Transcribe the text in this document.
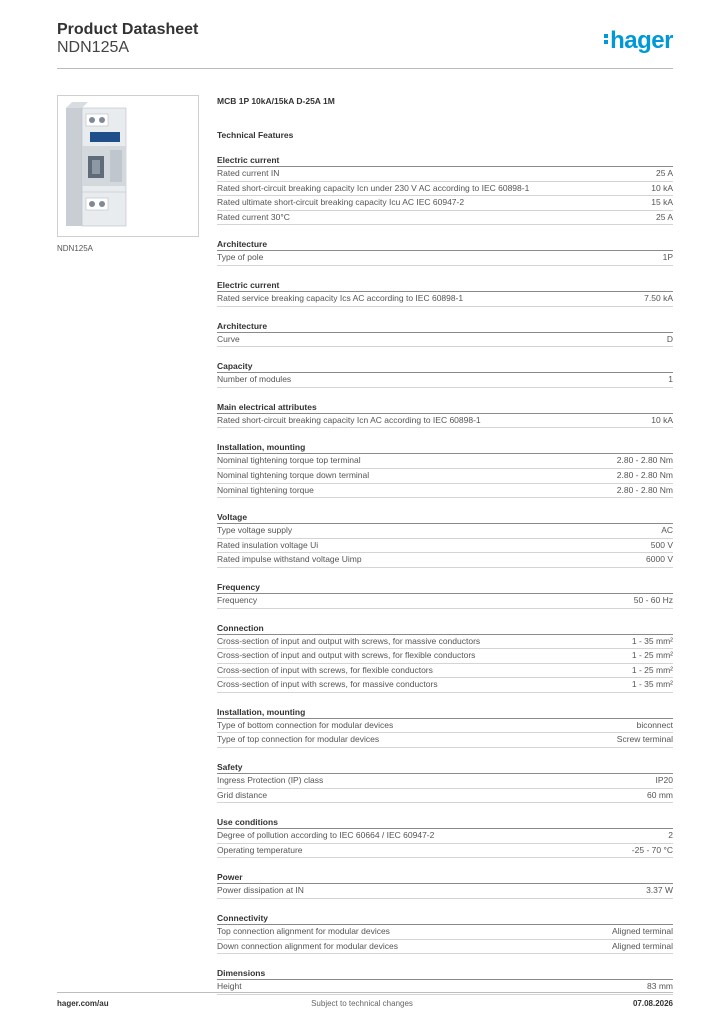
Product Datasheet
NDN125A	hager
NDN125A
MCB 1P 10kA/15kA D-25A 1M
Technical Features
Electric current
Rated current IN	25 A
Rated short-circuit breaking capacity Icn under 230 V AC according to IEC 60898-1	10 kA
Rated ultimate short-circuit breaking capacity Icu AC IEC 60947-2	15 kA
Rated current 30°C	25 A
Architecture
Type of pole	1P
Electric current
Rated service breaking capacity Ics AC according to IEC 60898-1	7.50 kA
Architecture
Curve	D
Capacity
Number of modules	1
Main electrical attributes
Rated short-circuit breaking capacity Icn AC according to IEC 60898-1	10 kA
Installation, mounting
Nominal tightening torque top terminal	2.80 - 2.80 Nm
Nominal tightening torque down terminal	2.80 - 2.80 Nm
Nominal tightening torque	2.80 - 2.80 Nm
Voltage
Type voltage supply	AC
Rated insulation voltage Ui	500 V
Rated impulse withstand voltage Uimp	6000 V
Frequency
Frequency	50 - 60 Hz
Connection
Cross-section of input and output with screws, for massive conductors	1 - 35 mm²
Cross-section of input and output with screws, for flexible conductors	1 - 25 mm²
Cross-section of input with screws, for flexible conductors	1 - 25 mm²
Cross-section of input with screws, for massive conductors	1 - 35 mm²
Installation, mounting
Type of bottom connection for modular devices	biconnect
Type of top connection for modular devices	Screw terminal
Safety
Ingress Protection (IP) class	IP20
Grid distance	60 mm
Use conditions
Degree of pollution according to IEC 60664 / IEC 60947-2	2
Operating temperature	-25 - 70 °C
Power
Power dissipation at IN	3.37 W
Connectivity
Top connection alignment for modular devices	Aligned terminal
Down connection alignment for modular devices	Aligned terminal
Dimensions
Height	83 mm
hager.com/au	Subject to technical changes	07.08.2026
